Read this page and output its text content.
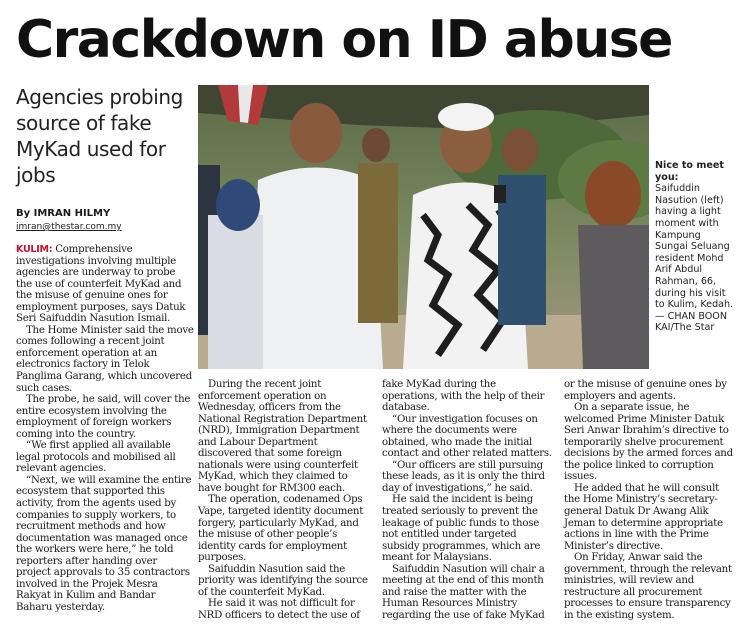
Crackdown on ID abuse
Agencies probing source of fake MyKad used for jobs
By IMRAN HILMY
imran@thestar.com.my
Nice to meet you:
Saifuddin Nasution (left) having a light moment with Kampung Sungai Seluang resident Mohd Arif Abdul Rahman, 66, during his visit to Kulim, Kedah. — CHAN BOON KAI/The Star

KULIM: Comprehensive investigations involving multiple agencies are underway to probe the use of counterfeit MyKad and the misuse of genuine ones for employment purposes, says Datuk Seri Saifuddin Nasution Ismail.

The Home Minister said the move comes following a recent joint enforcement operation at an electronics factory in Telok Panglima Garang, which uncovered such cases.

The probe, he said, will cover the entire ecosystem involving the employment of foreign workers coming into the country.

“We first applied all available legal protocols and mobilised all relevant agencies.

“Next, we will examine the entire ecosystem that supported this activity, from the agents used by companies to supply workers, to recruitment methods and how documentation was managed once the workers were here,” he told reporters after handing over project approvals to 35 contractors involved in the Projek Mesra Rakyat in Kulim and Bandar Baharu yesterday.

During the recent joint enforcement operation on Wednesday, officers from the National Registration Department (NRD), Immigration Department and Labour Department discovered that some foreign nationals were using counterfeit MyKad, which they claimed to have bought for RM300 each.

The operation, codenamed Ops Vape, targeted identity document forgery, particularly MyKad, and the misuse of other people’s identity cards for employment purposes.

Saifuddin Nasution said the priority was identifying the source of the counterfeit MyKad.

He said it was not difficult for NRD officers to detect the use of

fake MyKad during the operations, with the help of their database.

“Our investigation focuses on where the documents were obtained, who made the initial contact and other related matters.

“Our officers are still pursuing these leads, as it is only the third day of investigations,” he said.

He said the incident is being treated seriously to prevent the leakage of public funds to those not entitled under targeted subsidy programmes, which are meant for Malaysians.

Saifuddin Nasution will chair a meeting at the end of this month and raise the matter with the Human Resources Ministry regarding the use of fake MyKad

or the misuse of genuine ones by employers and agents.

On a separate issue, he welcomed Prime Minister Datuk Seri Anwar Ibrahim’s directive to temporarily shelve procurement decisions by the armed forces and the police linked to corruption issues.

He added that he will consult the Home Ministry’s secretary-general Datuk Dr Awang Alik Jeman to determine appropriate actions in line with the Prime Minister’s directive.

On Friday, Anwar said the government, through the relevant ministries, will review and restructure all procurement processes to ensure transparency in the existing system.
